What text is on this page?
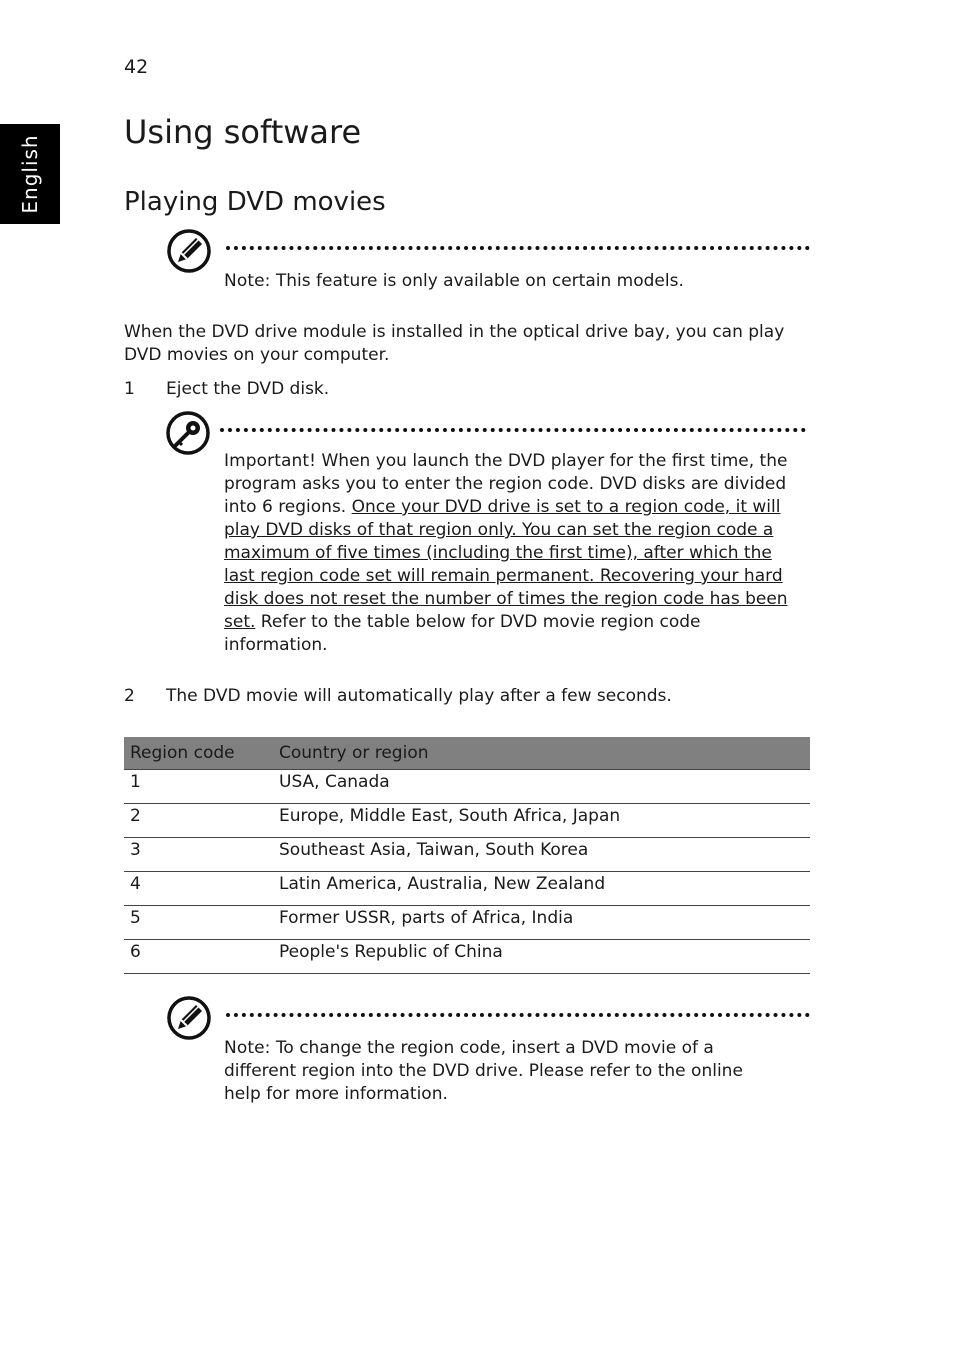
42
English
Using software
Playing DVD movies
Note: This feature is only available on certain models.
When the DVD drive module is installed in the optical drive bay, you can play
DVD movies on your computer.
1 Eject the DVD disk.
Important! When you launch the DVD player for the first time, the
program asks you to enter the region code. DVD disks are divided
into 6 regions. Once your DVD drive is set to a region code, it will
play DVD disks of that region only. You can set the region code a
maximum of five times (including the first time), after which the
last region code set will remain permanent. Recovering your hard
disk does not reset the number of times the region code has been
set. Refer to the table below for DVD movie region code
information.
2 The DVD movie will automatically play after a few seconds.
Region code	Country or region
1	USA, Canada
2	Europe, Middle East, South Africa, Japan
3	Southeast Asia, Taiwan, South Korea
4	Latin America, Australia, New Zealand
5	Former USSR, parts of Africa, India
6	People's Republic of China
Note: To change the region code, insert a DVD movie of a
different region into the DVD drive. Please refer to the online
help for more information.
